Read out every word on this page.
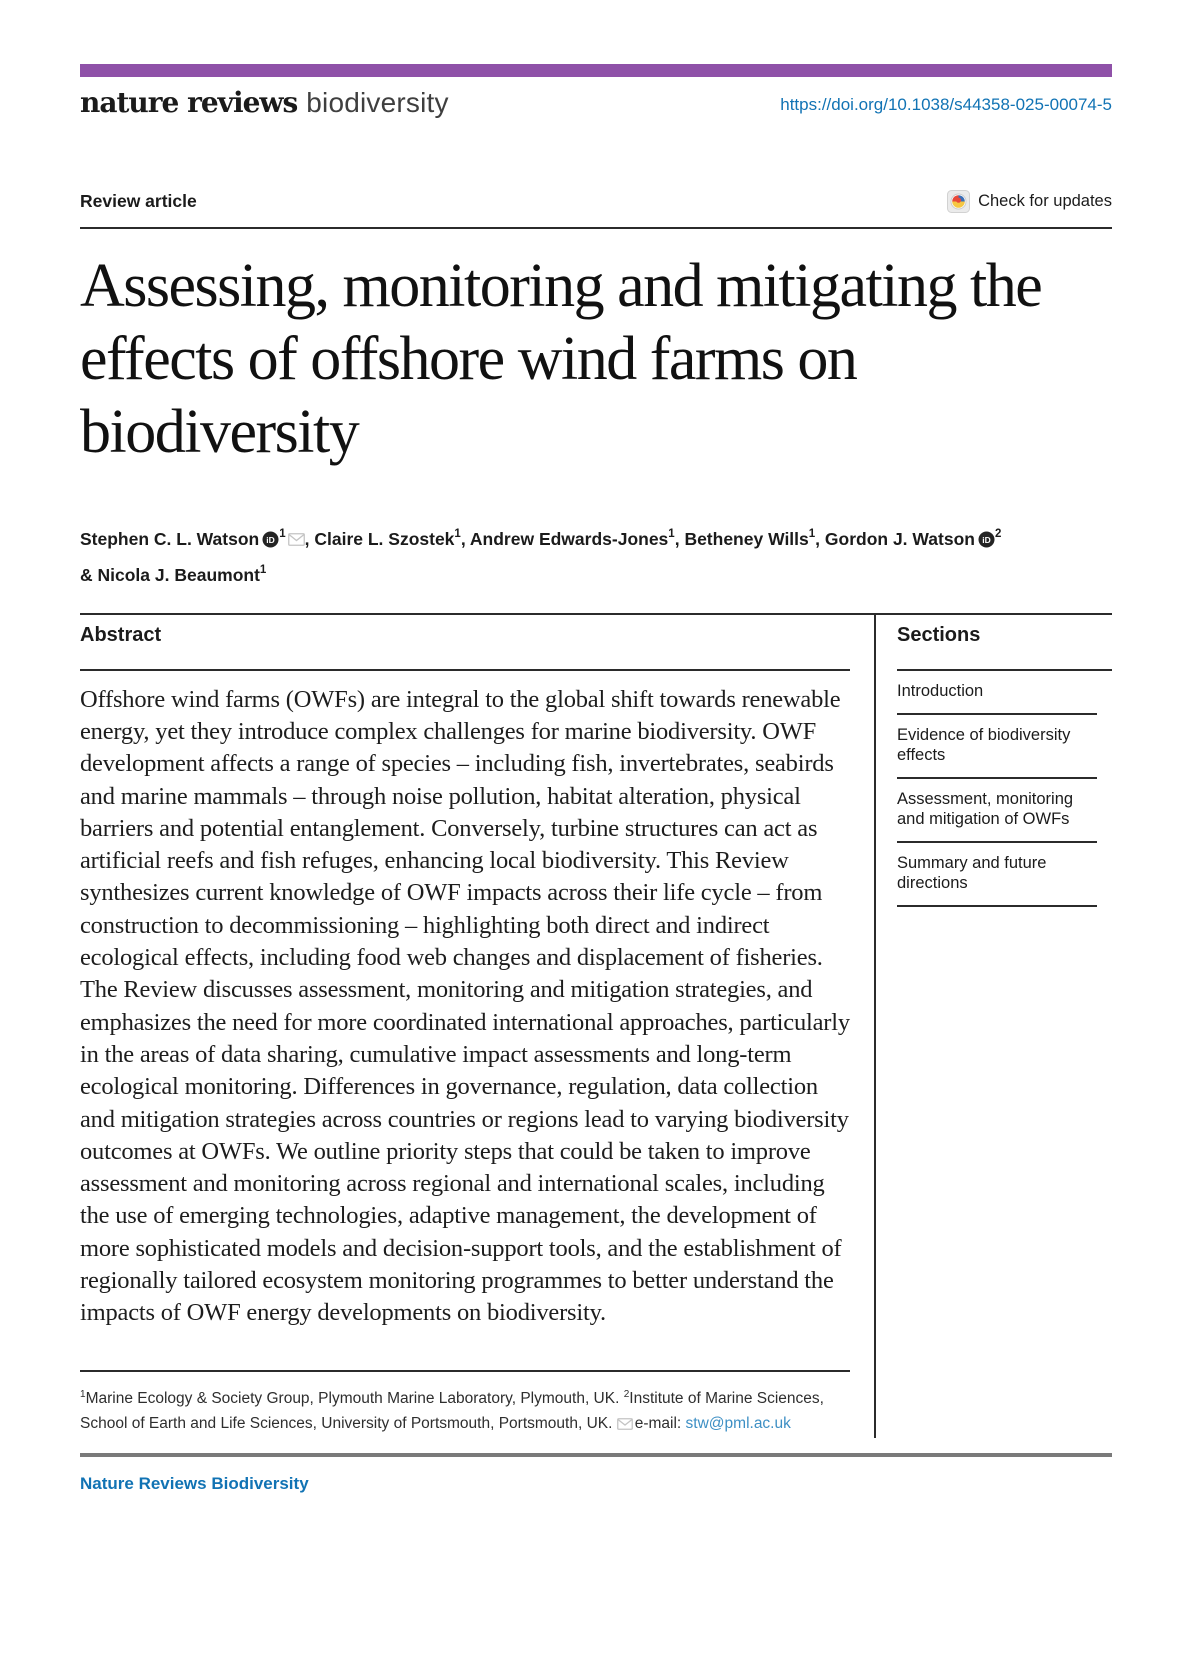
nature reviews biodiversity	https://doi.org/10.1038/s44358-025-00074-5
Review article	Check for updates
Assessing, monitoring and mitigating the effects of offshore wind farms on biodiversity
Stephen C. L. Watson iD $^1$ , Claire L. Szostek$^1$, Andrew Edwards-Jones$^1$, Betheney Wills$^1$, Gordon J. Watson iD $^2$
& Nicola J. Beaumont$^1$
Abstract

Offshore wind farms (OWFs) are integral to the global shift towards renewable energy, yet they introduce complex challenges for marine biodiversity. OWF development affects a range of species – including fish, invertebrates, seabirds and marine mammals – through noise pollution, habitat alteration, physical barriers and potential entanglement. Conversely, turbine structures can act as artificial reefs and fish refuges, enhancing local biodiversity. This Review synthesizes current knowledge of OWF impacts across their life cycle – from construction to decommissioning – highlighting both direct and indirect ecological effects, including food web changes and displacement of fisheries. The Review discusses assessment, monitoring and mitigation strategies, and emphasizes the need for more coordinated international approaches, particularly in the areas of data sharing, cumulative impact assessments and long-term ecological monitoring. Differences in governance, regulation, data collection and mitigation strategies across countries or regions lead to varying biodiversity outcomes at OWFs. We outline priority steps that could be taken to improve assessment and monitoring across regional and international scales, including the use of emerging technologies, adaptive management, the development of more sophisticated models and decision-support tools, and the establishment of regionally tailored ecosystem monitoring programmes to better understand the impacts of OWF energy developments on biodiversity.

$^1$Marine Ecology & Society Group, Plymouth Marine Laboratory, Plymouth, UK. $^2$Institute of Marine Sciences, School of Earth and Life Sciences, University of Portsmouth, Portsmouth, UK. e-mail: stw@pml.ac.uk
Sections
Introduction
Evidence of biodiversity effects
Assessment, monitoring and mitigation of OWFs
Summary and future directions
Nature Reviews Biodiversity
